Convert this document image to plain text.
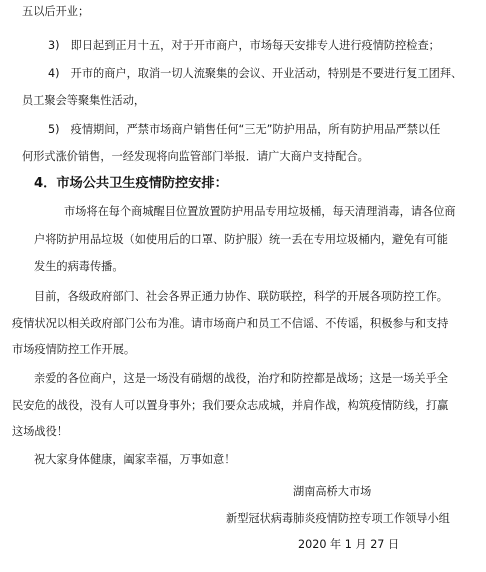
五以后开业；
3)　即日起到正月十五，对于开市商户，市场每天安排专人进行疫情防控检查；
4)　开市的商户，取消一切人流聚集的会议、开业活动，特别是不要进行复工团拜、
员工聚会等聚集性活动，
5)　疫情期间，严禁市场商户销售任何“三无”防护用品，所有防护用品严禁以任
何形式涨价销售，一经发现将向监管部门举报．请广大商户支持配合。
4．市场公共卫生疫情防控安排：
市场将在每个商城醒目位置放置防护用品专用垃圾桶，每天清理消毒，请各位商
户将防护用品垃圾（如使用后的口罩、防护服）统一丢在专用垃圾桶内，避免有可能
发生的病毒传播。
目前，各级政府部门、社会各界正通力协作、联防联控，科学的开展各项防控工作。
疫情状况以相关政府部门公布为准。请市场商户和员工不信谣、不传谣，积极参与和支持
市场疫情防控工作开展。
亲爱的各位商户，这是一场没有硝烟的战役，治疗和防控都是战场；这是一场关乎全
民安危的战役，没有人可以置身事外；我们要众志成城，并肩作战，构筑疫情防线，打赢
这场战役！
祝大家身体健康，阖家幸福，万事如意！
湖南高桥大市场
新型冠状病毒肺炎疫情防控专项工作领导小组
2020 年 1 月 27 日
